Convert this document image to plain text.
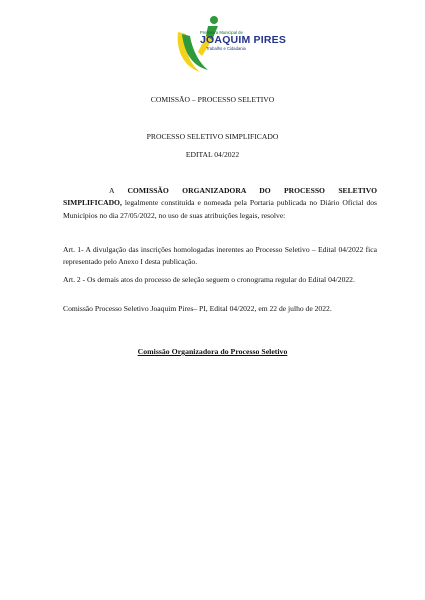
Prefeitura Municipal de
JOAQUIM PIRES
Trabalho e Cidadania
COMISSÃO – PROCESSO SELETIVO
PROCESSO SELETIVO SIMPLIFICADO
EDITAL 04/2022
A COMISSÃO ORGANIZADORA DO PROCESSO SELETIVO SIMPLIFICADO, legalmente constituída e nomeada pela Portaria publicada no Diário Oficial dos Municípios no dia 27/05/2022, no uso de suas atribuições legais, resolve:
Art. 1- A divulgação das inscrições homologadas inerentes ao Processo Seletivo – Edital 04/2022 fica representado pelo Anexo I desta publicação.
Art. 2 - Os demais atos do processo de seleção seguem o cronograma regular do Edital 04/2022.
Comissão Processo Seletivo Joaquim Pires– PI, Edital 04/2022, em 22 de julho de 2022.
Comissão Organizadora do Processo Seletivo
